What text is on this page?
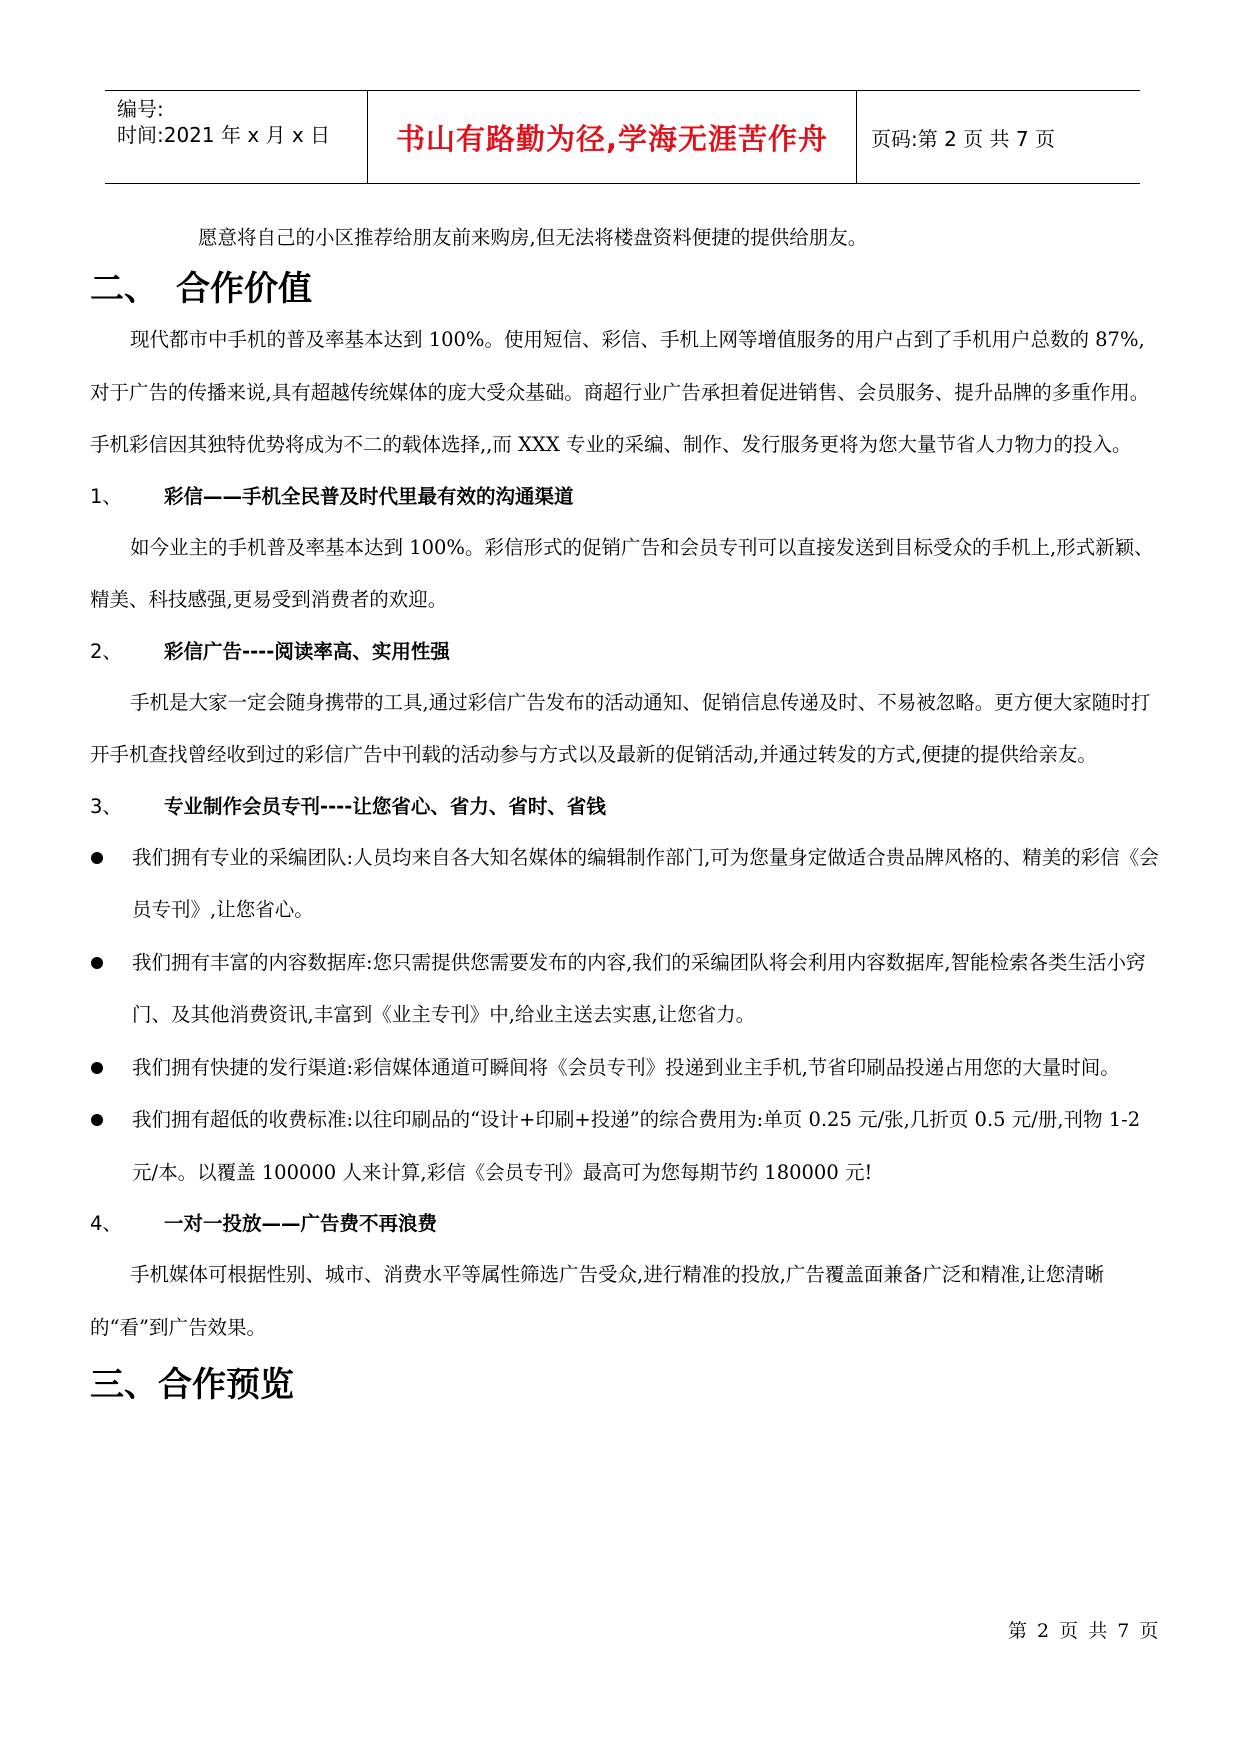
编号:
时间:2021 年 x 月 x 日 书山有路勤为径,学海无涯苦作舟 页码:第 2 页 共 7 页

愿意将自己的小区推荐给朋友前来购房,但无法将楼盘资料便捷的提供给朋友。

二、 合作价值

现代都市中手机的普及率基本达到 100%。使用短信、彩信、手机上网等增值服务的用户占到了手机用户总数的 87%,对于广告的传播来说,具有超越传统媒体的庞大受众基础。商超行业广告承担着促进销售、会员服务、提升品牌的多重作用。手机彩信因其独特优势将成为不二的载体选择,,而 XXX 专业的采编、制作、发行服务更将为您大量节省人力物力的投入。

1、	彩信——手机全民普及时代里最有效的沟通渠道

如今业主的手机普及率基本达到 100%。彩信形式的促销广告和会员专刊可以直接发送到目标受众的手机上,形式新颖、精美、科技感强,更易受到消费者的欢迎。

2、	彩信广告----阅读率高、实用性强

手机是大家一定会随身携带的工具,通过彩信广告发布的活动通知、促销信息传递及时、不易被忽略。更方便大家随时打开手机查找曾经收到过的彩信广告中刊载的活动参与方式以及最新的促销活动,并通过转发的方式,便捷的提供给亲友。

3、	专业制作会员专刊----让您省心、省力、省时、省钱

我们拥有专业的采编团队:人员均来自各大知名媒体的编辑制作部门,可为您量身定做适合贵品牌风格的、精美的彩信《会员专刊》,让您省心。

我们拥有丰富的内容数据库:您只需提供您需要发布的内容,我们的采编团队将会利用内容数据库,智能检索各类生活小窍门、及其他消费资讯,丰富到《业主专刊》中,给业主送去实惠,让您省力。

我们拥有快捷的发行渠道:彩信媒体通道可瞬间将《会员专刊》投递到业主手机,节省印刷品投递占用您的大量时间。

我们拥有超低的收费标准:以往印刷品的“设计+印刷+投递”的综合费用为:单页 0.25 元/张,几折页 0.5 元/册,刊物 1-2 元/本。以覆盖 100000 人来计算,彩信《会员专刊》最高可为您每期节约 180000 元!

4、	一对一投放——广告费不再浪费

手机媒体可根据性别、城市、消费水平等属性筛选广告受众,进行精准的投放,广告覆盖面兼备广泛和精准,让您清晰的“看”到广告效果。

三、合作预览
第 2 页 共 7 页
